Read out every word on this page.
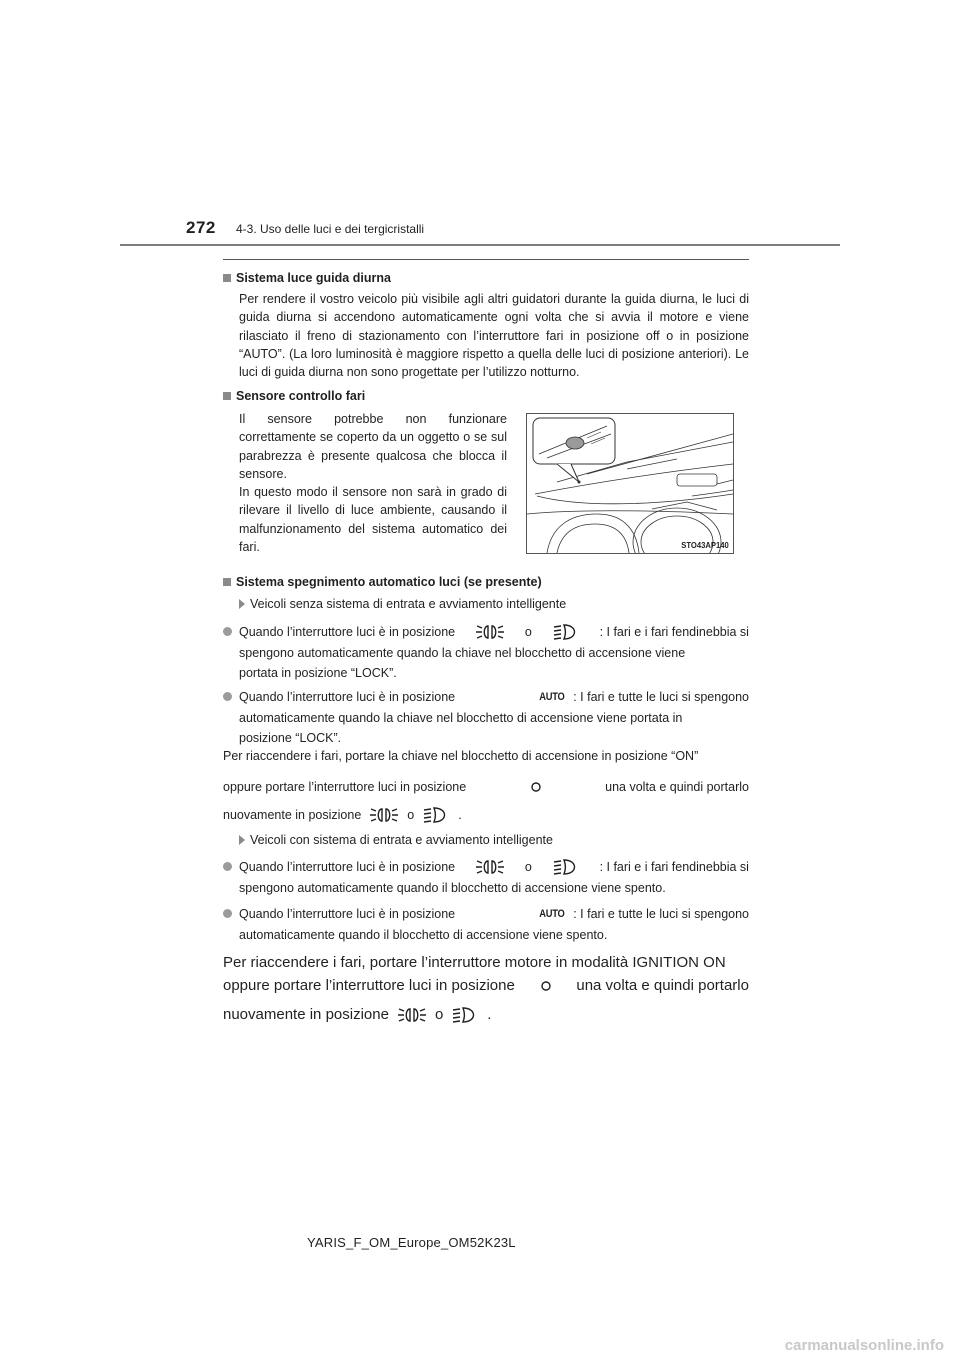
272 4-3. Uso delle luci e dei tergicristalli
Sistema luce guida diurna
Per rendere il vostro veicolo più visibile agli altri guidatori durante la guida diurna, le luci di guida diurna si accendono automaticamente ogni volta che si avvia il motore e viene rilasciato il freno di stazionamento con l’interruttore fari in posizione off o in posizione “AUTO”. (La loro luminosità è maggiore rispetto a quella delle luci di posizione anteriori). Le luci di guida diurna non sono progettate per l’utilizzo notturno.
Sensore controllo fari
Il sensore potrebbe non funzionare correttamente se coperto da un oggetto o se sul parabrezza è presente qualcosa che blocca il sensore.
In questo modo il sensore non sarà in grado di rilevare il livello di luce ambiente, causando il malfunzionamento del sistema automatico dei fari.	STO43AP140
Sistema spegnimento automatico luci (se presente)
Veicoli senza sistema di entrata e avviamento intelligente
Quando l’interruttore luci è in posizione	o	: I fari e i fari fendinebbia si
spengono automaticamente quando la chiave nel blocchetto di accensione viene
portata in posizione “LOCK”.
Quando l’interruttore luci è in posizione	AUTO : I fari e tutte le luci si spengono
automaticamente quando la chiave nel blocchetto di accensione viene portata in
posizione “LOCK”.
Per riaccendere i fari, portare la chiave nel blocchetto di accensione in posizione “ON”
oppure portare l’interruttore luci in posizione	una volta e quindi portarlo
nuovamente in posizione	o	.
Veicoli con sistema di entrata e avviamento intelligente
Quando l’interruttore luci è in posizione	o	: I fari e i fari fendinebbia si
spengono automaticamente quando il blocchetto di accensione viene spento.
Quando l’interruttore luci è in posizione	AUTO : I fari e tutte le luci si spengono
automaticamente quando il blocchetto di accensione viene spento.
Per riaccendere i fari, portare l’interruttore motore in modalità IGNITION ON
oppure portare l’interruttore luci in posizione	una volta e quindi portarlo
nuovamente in posizione	o	.
YARIS_F_OM_Europe_OM52K23L
carmanualsonline.info
